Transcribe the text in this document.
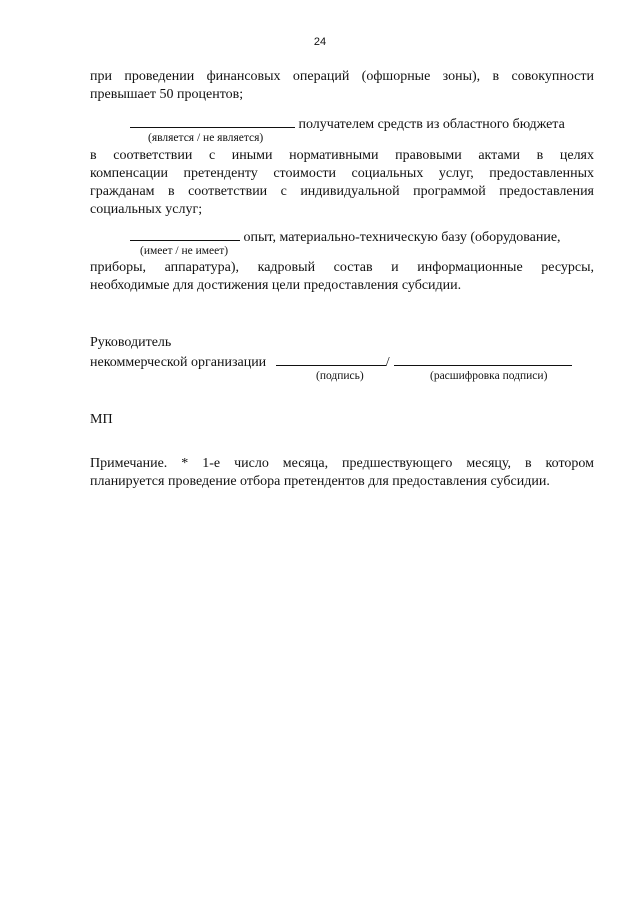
24
при проведении финансовых операций (офшорные зоны), в совокупности
превышает 50 процентов;
получателем средств из областного бюджета
(является / не является)
в соответствии с иными нормативными правовыми актами в целях
компенсации претенденту стоимости социальных услуг, предоставленных
гражданам в соответствии с индивидуальной программой предоставления
социальных услуг;
опыт, материально-техническую базу (оборудование,
(имеет / не имеет)
приборы, аппаратура), кадровый состав и информационные ресурсы,
необходимые для достижения цели предоставления субсидии.
Руководитель
некоммерческой организации	/
(подпись)	(расшифровка подписи)
МП
Примечание. * 1-е число месяца, предшествующего месяцу, в котором
планируется проведение отбора претендентов для предоставления субсидии.
